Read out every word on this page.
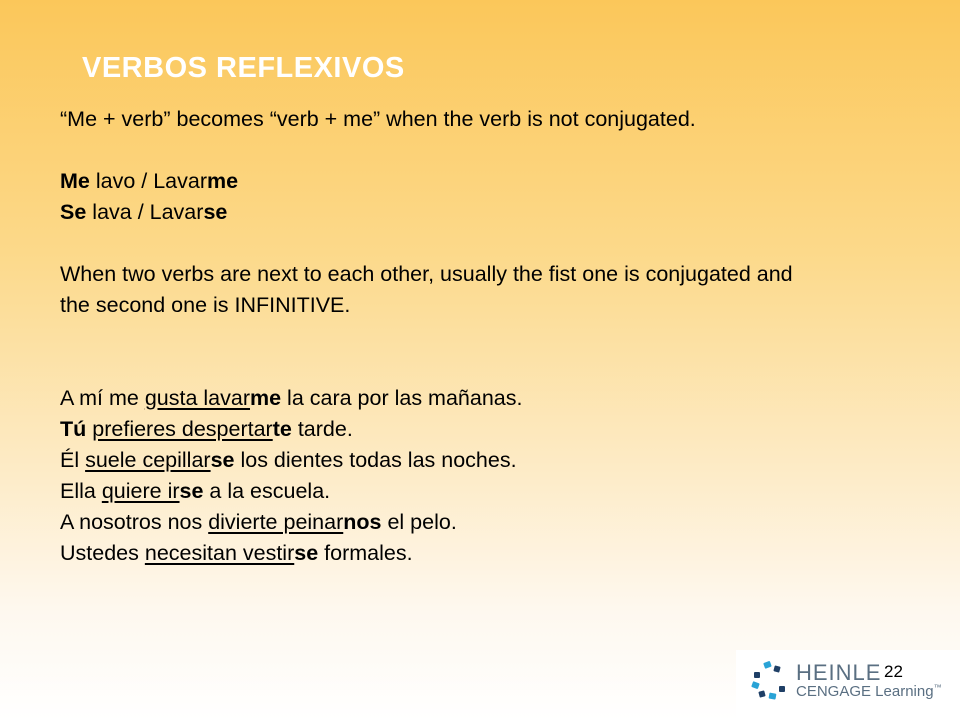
VERBOS REFLEXIVOS
“Me + verb” becomes “verb + me” when the verb is not conjugated.
Me lavo / Lavarme
Se lava / Lavarse
When two verbs are next to each other, usually the fist one is conjugated and the second one is INFINITIVE.
A mí me gusta lavarme la cara por las mañanas.
Tú prefieres despertarte tarde.
Él suele cepillarse los dientes todas las noches.
Ella quiere irse a la escuela.
A nosotros nos divierte peinarnos el pelo.
Ustedes necesitan vestirse formales.
HEINLE
CENGAGE Learning™
22
